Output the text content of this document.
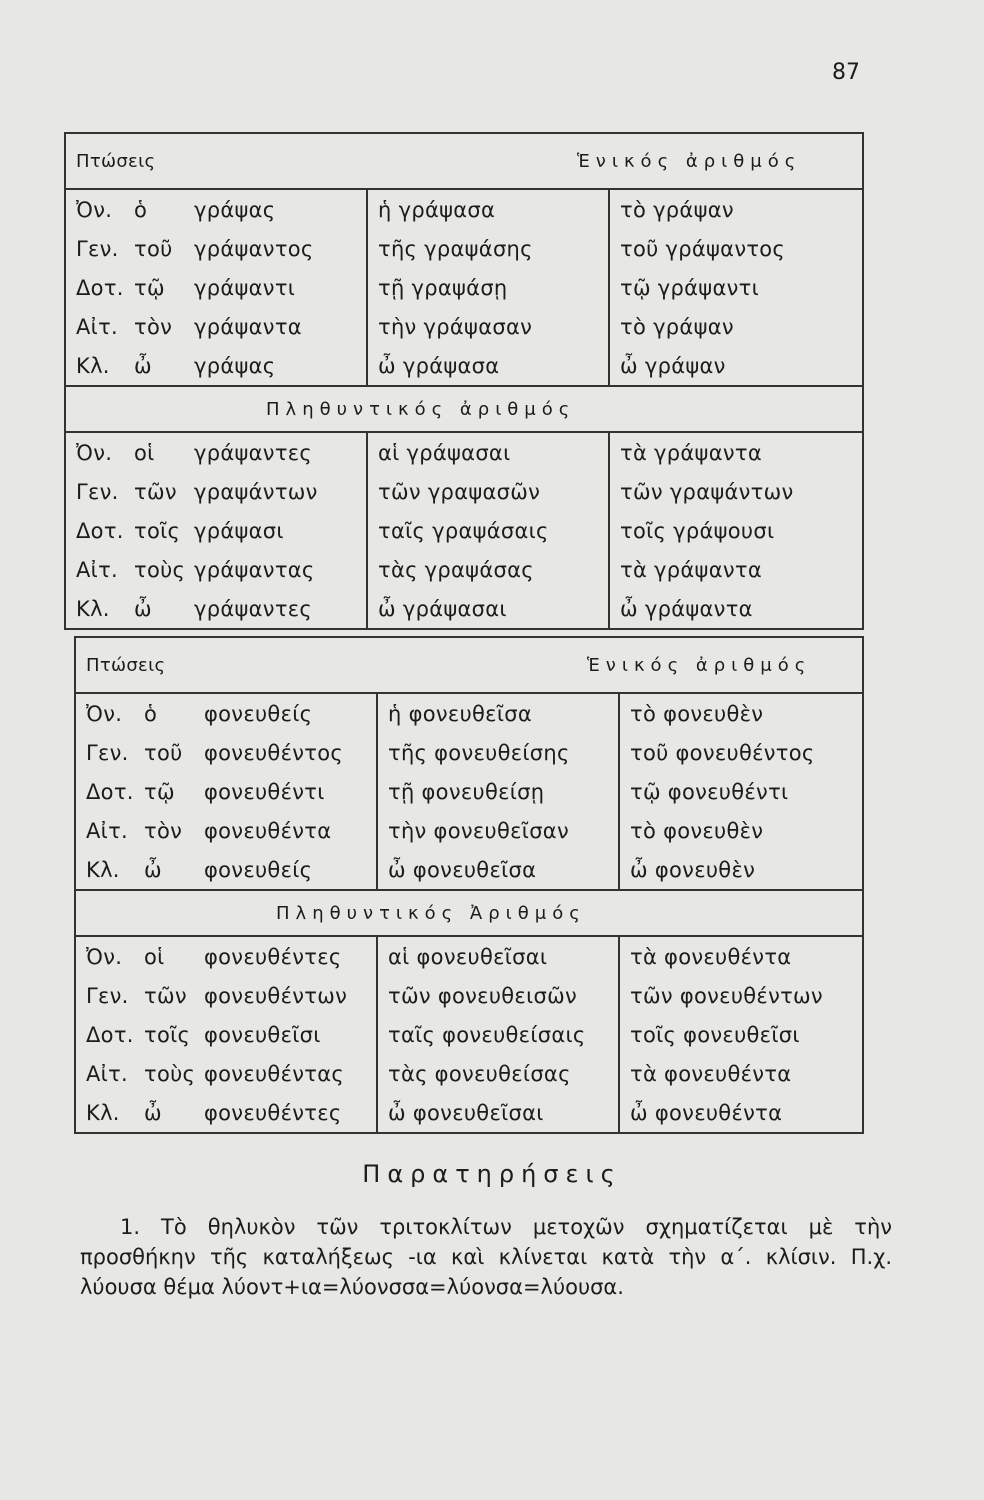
87
Πτώσεις	Ἑνικός ἀριθμός	
Ὀν. ὁ γράψας	ἡ γράψασα	τὸ γράψαν
Γεν. τοῦ γράψαντος	τῆς γραψάσης	τοῦ γράψαντος
Δοτ. τῷ γράψαντι	τῇ γραψάσῃ	τῷ γράψαντι
Αἰτ. τὸν γράψαντα	τὴν γράψασαν	τὸ γράψαν
Κλ. ὦ γράψας	ὦ γράψασα	ὦ γράψαν
Πληθυντικός ἀριθμός		
Ὀν. οἱ γράψαντες	αἱ γράψασαι	τὰ γράψαντα
Γεν. τῶν γραψάντων	τῶν γραψασῶν	τῶν γραψάντων
Δοτ. τοῖς γράψασι	ταῖς γραψάσαις	τοῖς γράψουσι
Αἰτ. τοὺς γράψαντας	τὰς γραψάσας	τὰ γράψαντα
Κλ. ὦ γράψαντες	ὦ γράψασαι	ὦ γράψαντα
Πτώσεις	Ἑνικός ἀριθμός	
Ὀν. ὁ φονευθείς	ἡ φονευθεῖσα	τὸ φονευθὲν
Γεν. τοῦ φονευθέντος	τῆς φονευθείσης	τοῦ φονευθέντος
Δοτ. τῷ φονευθέντι	τῇ φονευθείσῃ	τῷ φονευθέντι
Αἰτ. τὸν φονευθέντα	τὴν φονευθεῖσαν	τὸ φονευθὲν
Κλ. ὦ φονευθείς	ὦ φονευθεῖσα	ὦ φονευθὲν
Πληθυντικός Ἀριθμός		
Ὀν. οἱ φονευθέντες	αἱ φονευθεῖσαι	τὰ φονευθέντα
Γεν. τῶν φονευθέντων	τῶν φονευθεισῶν	τῶν φονευθέντων
Δοτ. τοῖς φονευθεῖσι	ταῖς φονευθείσαις	τοῖς φονευθεῖσι
Αἰτ. τοὺς φονευθέντας	τὰς φονευθείσας	τὰ φονευθέντα
Κλ. ὦ φονευθέντες	ὦ φονευθεῖσαι	ὦ φονευθέντα
Παρατηρήσεις
1. Τὸ θηλυκὸν τῶν τριτοκλίτων μετοχῶν σχηματίζεται μὲ τὴν προσθήκην τῆς καταλήξεως -ια καὶ κλίνεται κατὰ τὴν α΄. κλίσιν. Π.χ. λύουσα θέμα λύοντ+ια=λύονσσα=λύονσα=λύουσα.
